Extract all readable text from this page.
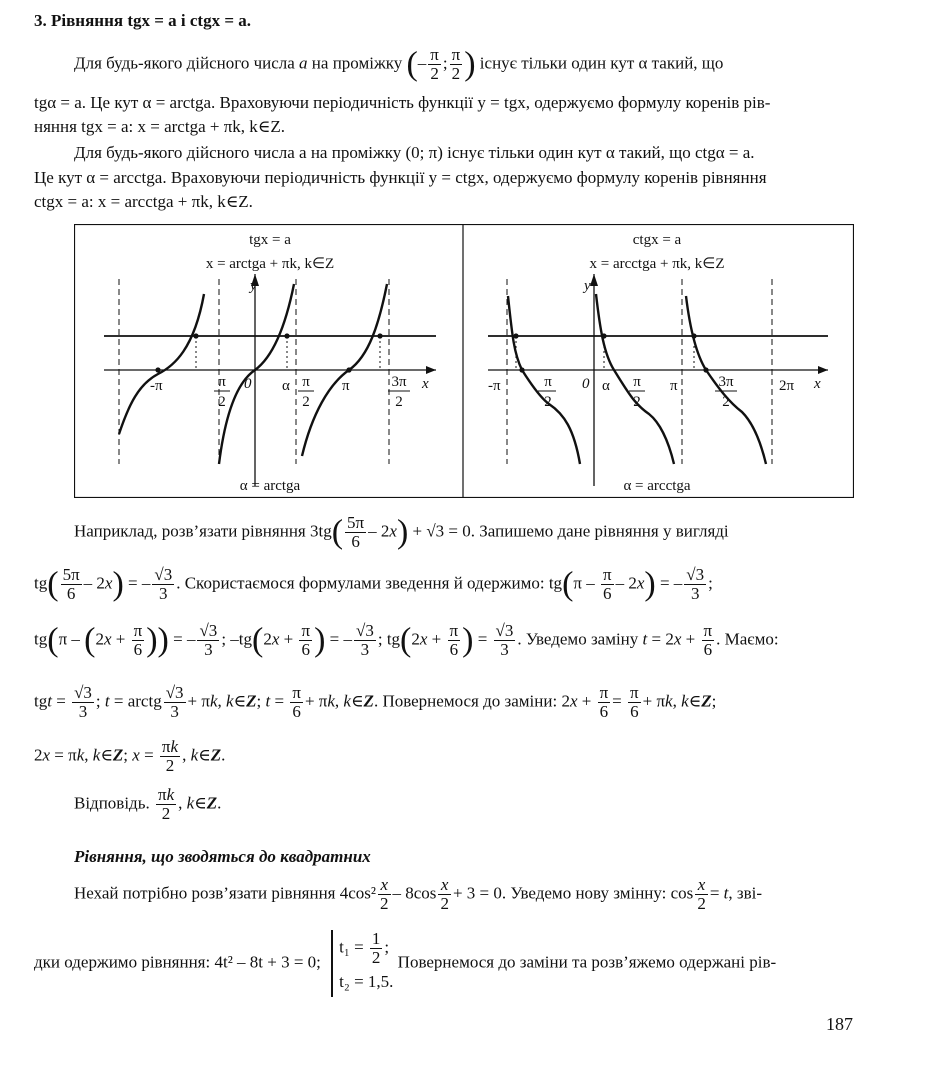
3. Рівняння tgx = a і ctgx = a.
Для будь-якого дійсного числа a на проміжку (– $\frac{\pi}{2}$ ; $\frac{\pi}{2}$ ) існує тільки один кут α такий, що
tgα = a. Це кут α = arctga. Враховуючи періодичність функції y = tgx, одержуємо формулу коренів рів-
няння tgx = a: x = arctga + πk, k∈Z.
Для будь-якого дійсного числа a на проміжку (0; π) існує тільки один кут α такий, що ctgα = a.
Це кут α = arcctga. Враховуючи періодичність функції y = ctgx, одержуємо формулу коренів рівняння
ctgx = a: x = arcctga + πk, k∈Z.
tgx = a
x = arctga + πk, k∈Z
y
x
-π	π
2
0 α π
2
π	3π
2
α = arctga
ctgx = a
x = arcctga + πk, k∈Z
y
x
-π	π
2
0 α π
2
π	3π
2
2π
α = arcctga
Наприклад, розв’язати рівняння $3tg( \frac{5\pi}{6} - 2x) + √3 = 0$. Запишемо дане рівняння у вигляді
$tg( \frac{5\pi}{6} - 2x)$ = – $\frac{√3}{3}$ . Скористаємося формулами зведення й одержимо: $tg(\pi - \frac{\pi}{6} - 2x)$ = – $\frac{√3}{3}$ ;
$tg(\pi - (2x + \frac{\pi}{6}$ )) = – $\frac{√3}{3}$ ; $-tg(2x + \frac{\pi}{6}$ ) = – $\frac{√3}{3}$ ; $tg(2x + \frac{\pi}{6}$ ) = $\frac{√3}{3}$ . Уведемо заміну $t = 2x + \frac{\pi}{6}$ . Маємо:
tgt = $\frac{√3}{3}$ ; t = arctg $\frac{√3}{3} + \pi k$, k∈Z; $t = \frac{\pi}{6} + \pi k$, k∈Z. Повернемося до заміни: $2x + \frac{\pi}{6} = \frac{\pi}{6} + \pi k$, k∈Z;
2x = πk, k∈Z; $x = \frac{\pi k}{2}$ , k∈Z.
Відповідь. $\frac{\pi k}{2}$ , k∈Z.
Рівняння, що зводяться до квадратних
Нехай потрібно розв’язати рівняння $4\cos^2 \frac{x}{2} - 8\cos \frac{x}{2} + 3 = 0$. Уведемо нову змінну: $\cos \frac{x}{2} = t$, зві-
дки одержимо рівняння: 4t² – 8t + 3 = 0;
$t_1 = \frac{1}{2}$ ;
t₂ = 1,5.
Повернемося до заміни та розв’яжемо одержані рів-
187
